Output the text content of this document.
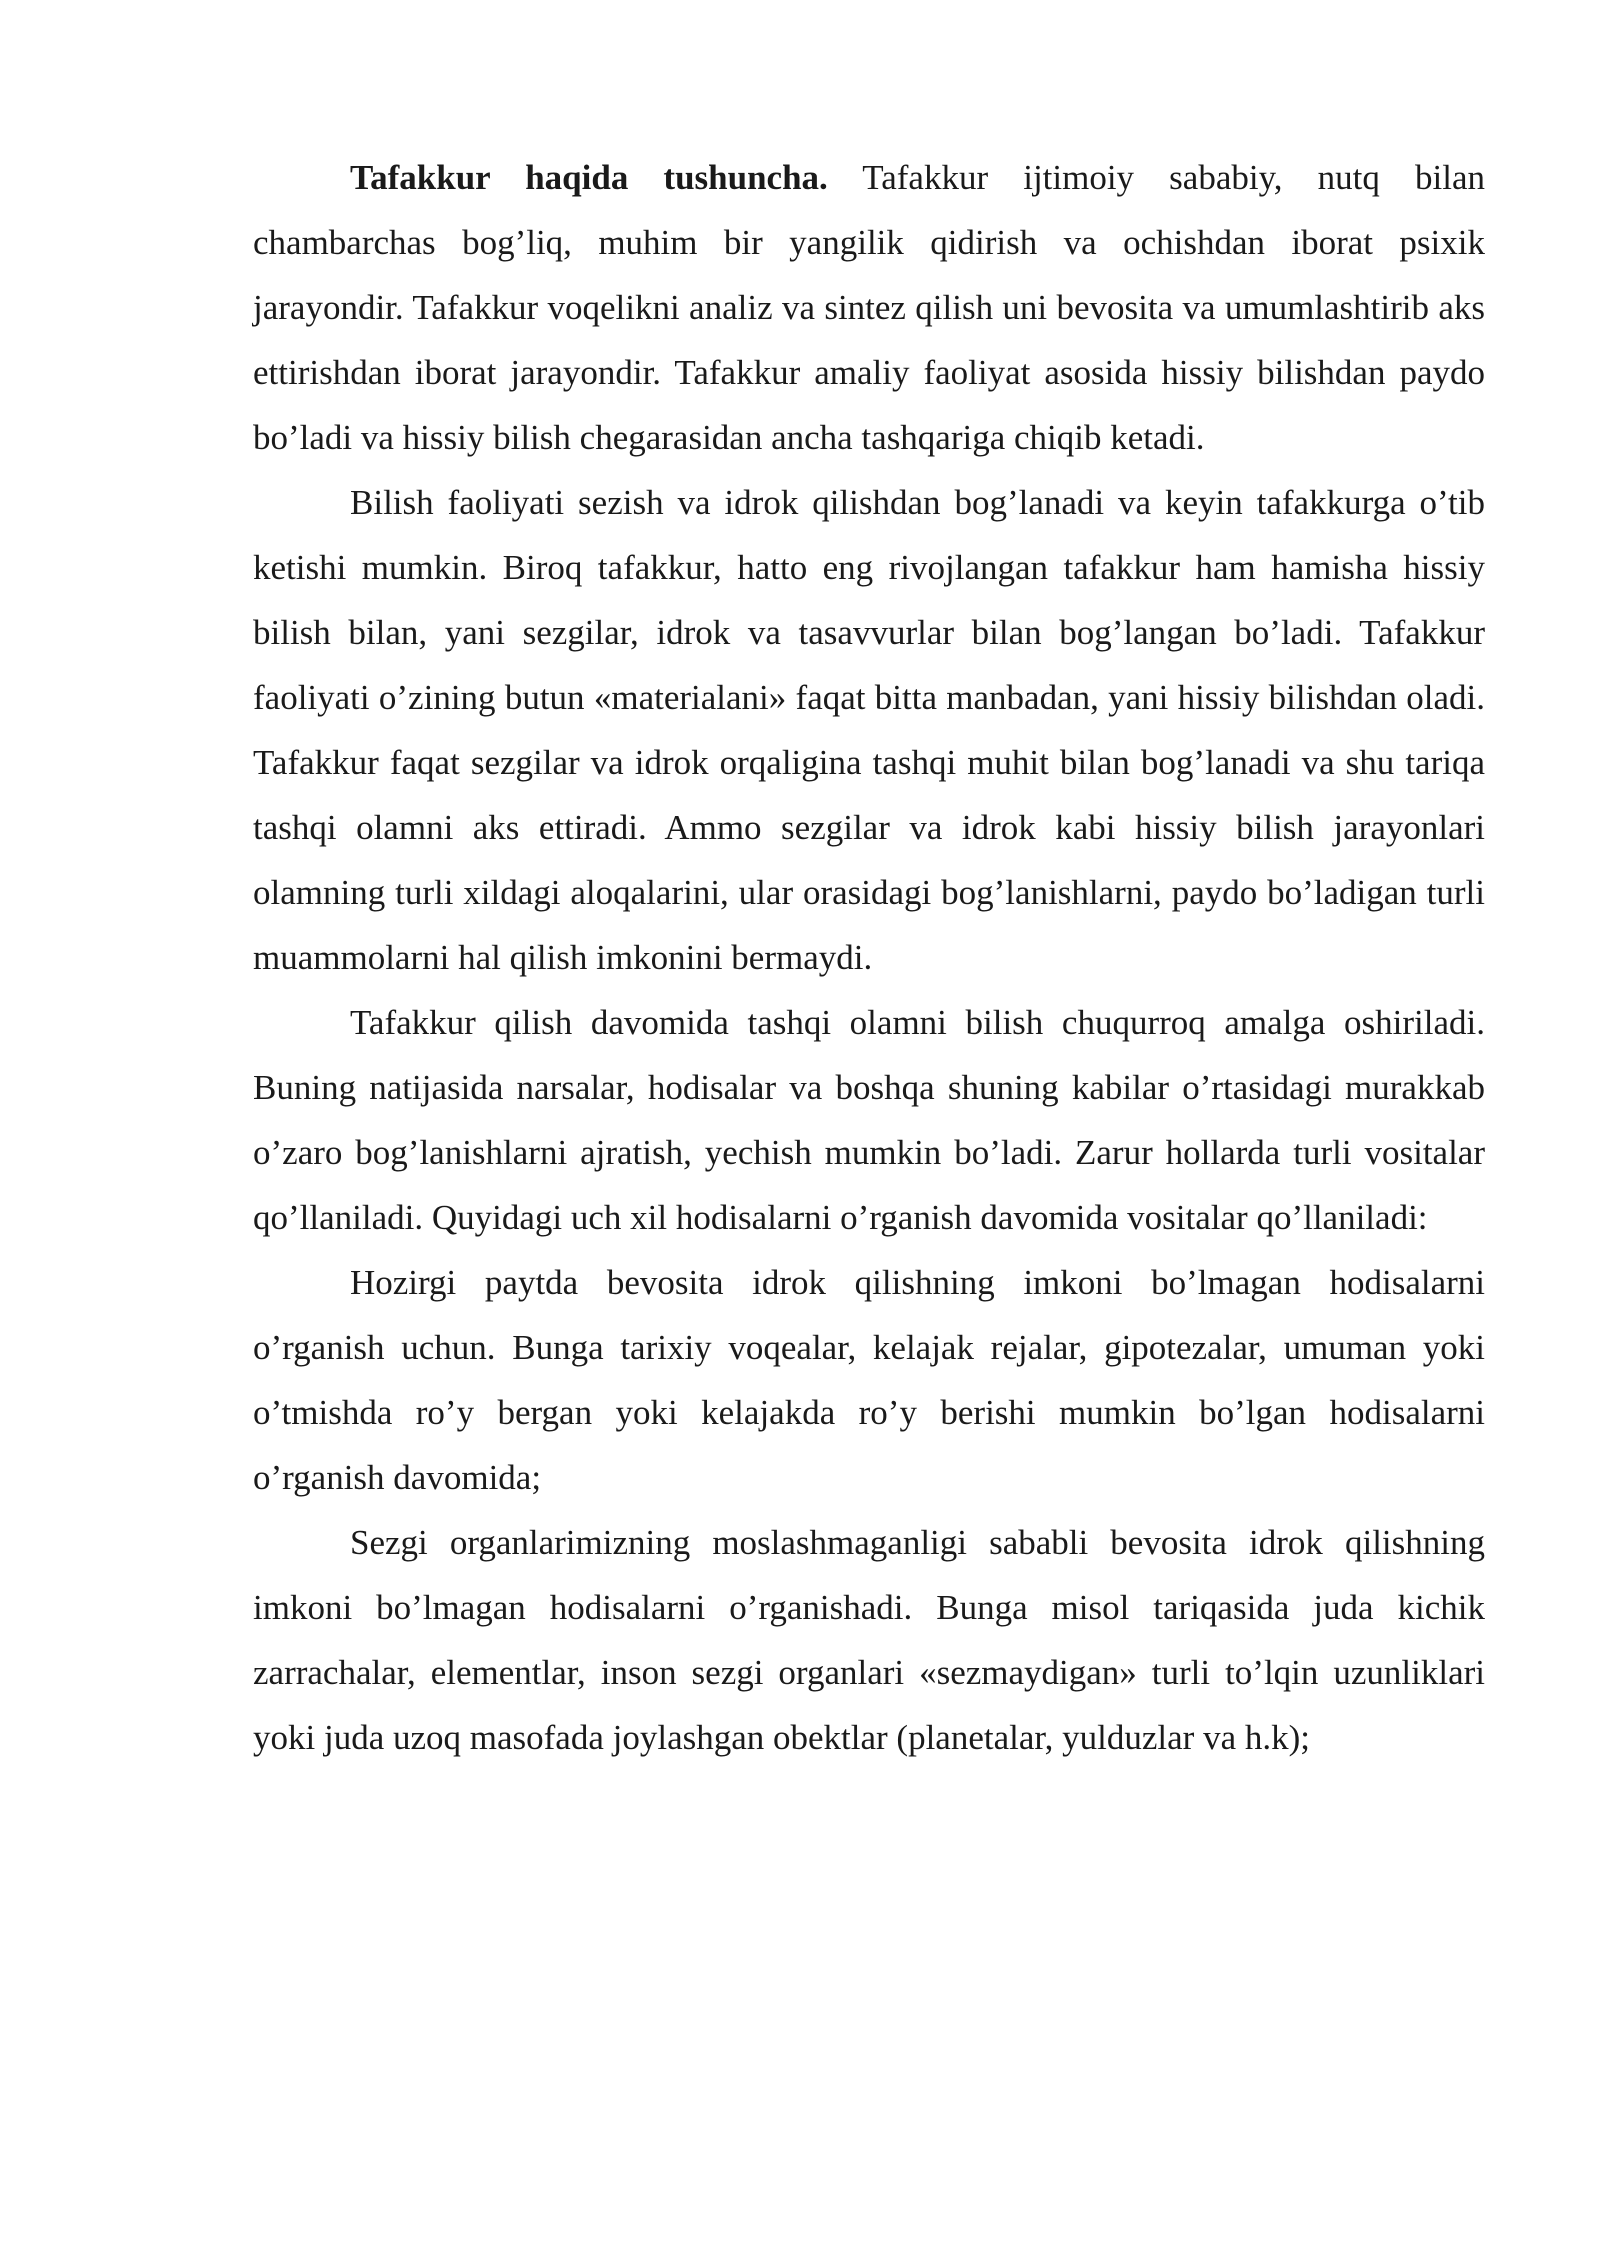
Tafakkur haqida tushuncha. Tafakkur ijtimoiy sababiy, nutq bilan chambarchas bog’liq, muhim bir yangilik qidirish va ochishdan iborat psixik jarayondir. Tafakkur voqelikni analiz va sintez qilish uni bevosita va umumlashtirib aks ettirishdan iborat jarayondir. Tafakkur amaliy faoliyat asosida hissiy bilishdan paydo bo’ladi va hissiy bilish chegarasidan ancha tashqariga chiqib ketadi.

Bilish faoliyati sezish va idrok qilishdan bog’lanadi va keyin tafakkurga o’tib ketishi mumkin. Biroq tafakkur, hatto eng rivojlangan tafakkur ham hamisha hissiy bilish bilan, yani sezgilar, idrok va tasavvurlar bilan bog’langan bo’ladi. Tafakkur faoliyati o’zining butun «materialani» faqat bitta manbadan, yani hissiy bilishdan oladi. Tafakkur faqat sezgilar va idrok orqaligina tashqi muhit bilan bog’lanadi va shu tariqa tashqi olamni aks ettiradi. Ammo sezgilar va idrok kabi hissiy bilish jarayonlari olamning turli xildagi aloqalarini, ular orasidagi bog’lanishlarni, paydo bo’ladigan turli muammolarni hal qilish imkonini bermaydi.

Tafakkur qilish davomida tashqi olamni bilish chuqurroq amalga oshiriladi. Buning natijasida narsalar, hodisalar va boshqa shuning kabilar o’rtasidagi murakkab o’zaro bog’lanishlarni ajratish, yechish mumkin bo’ladi. Zarur hollarda turli vositalar qo’llaniladi. Quyidagi uch xil hodisalarni o’rganish davomida vositalar qo’llaniladi:

Hozirgi paytda bevosita idrok qilishning imkoni bo’lmagan hodisalarni o’rganish uchun. Bunga tarixiy voqealar, kelajak rejalar, gipotezalar, umuman yoki o’tmishda ro’y bergan yoki kelajakda ro’y berishi mumkin bo’lgan hodisalarni o’rganish davomida;

Sezgi organlarimizning moslashmaganligi sababli bevosita idrok qilishning imkoni bo’lmagan hodisalarni o’rganishadi. Bunga misol tariqasida juda kichik zarrachalar, elementlar, inson sezgi organlari «sezmaydigan» turli to’lqin uzunliklari yoki juda uzoq masofada joylashgan obektlar (planetalar, yulduzlar va h.k);
